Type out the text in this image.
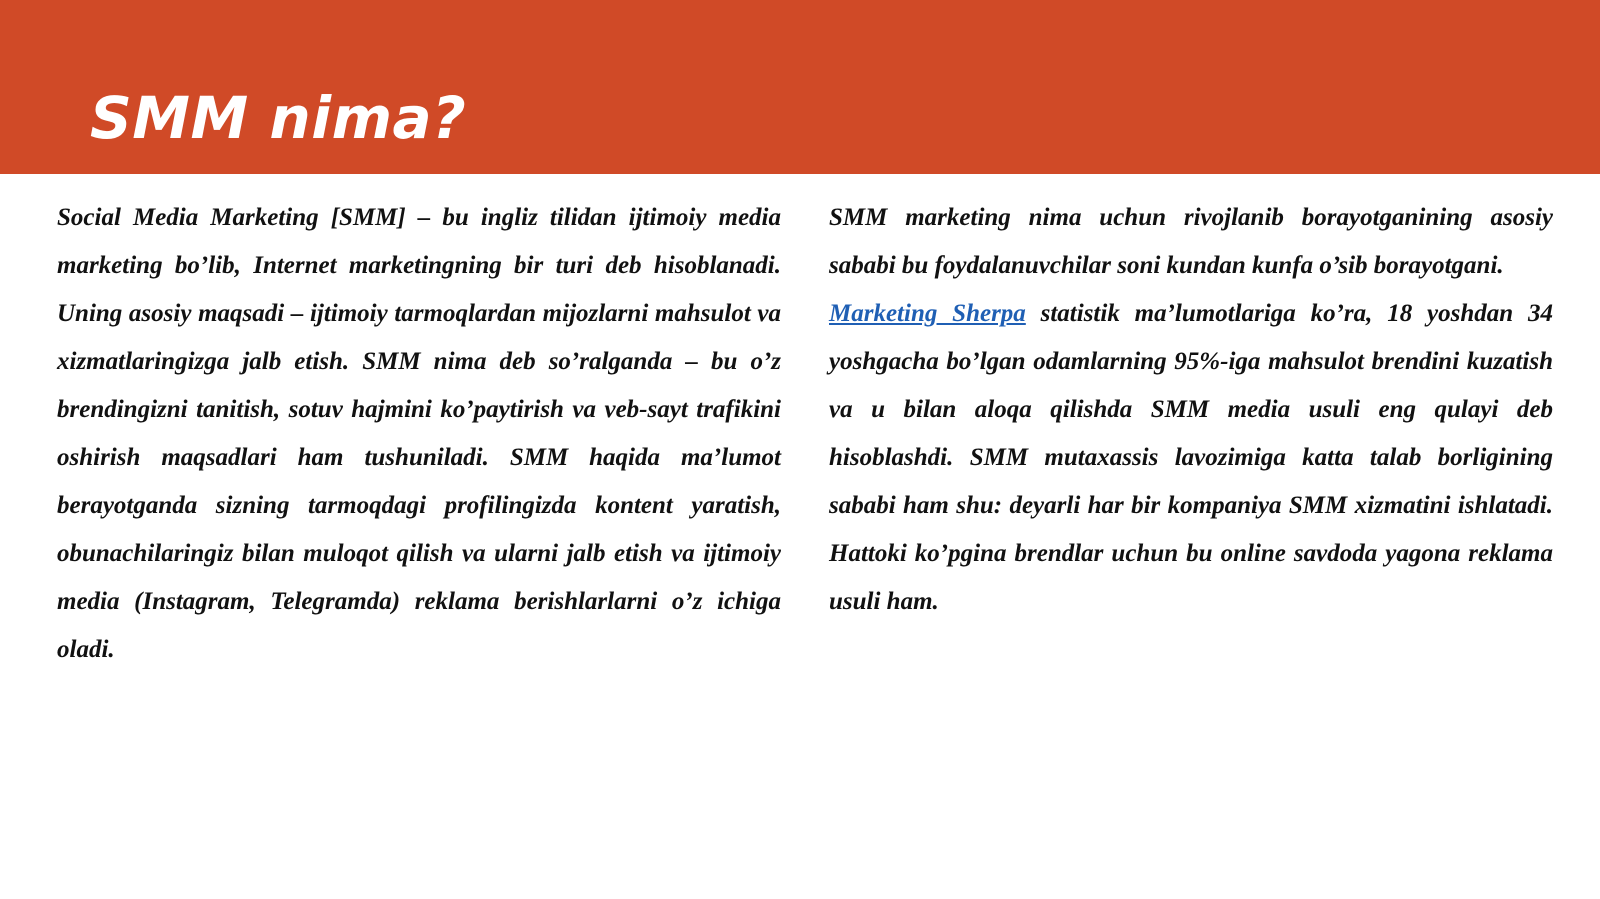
SMM nima?

Social Media Marketing [SMM] – bu ingliz tilidan ijtimoiy media marketing bo’lib, Internet marketingning bir turi deb hisoblanadi. Uning asosiy maqsadi – ijtimoiy tarmoqlardan mijozlarni mahsulot va xizmatlaringizga jalb etish. SMM nima deb so’ralganda – bu o’z brendingizni tanitish, sotuv hajmini ko’paytirish va veb-sayt trafikini oshirish maqsadlari ham tushuniladi. SMM haqida ma’lumot berayotganda sizning tarmoqdagi profilingizda kontent yaratish, obunachilaringiz bilan muloqot qilish va ularni jalb etish va ijtimoiy media (Instagram, Telegramda) reklama berishlarlarni o’z ichiga oladi.

SMM marketing nima uchun rivojlanib borayotganining asosiy sababi bu foydalanuvchilar soni kundan kunfa o’sib borayotgani.

Marketing Sherpa statistik ma’lumotlariga ko’ra, 18 yoshdan 34 yoshgacha bo’lgan odamlarning 95%-iga mahsulot brendini kuzatish va u bilan aloqa qilishda SMM media usuli eng qulayi deb hisoblashdi. SMM mutaxassis lavozimiga katta talab borligining sababi ham shu: deyarli har bir kompaniya SMM xizmatini ishlatadi. Hattoki ko’pgina brendlar uchun bu online savdoda yagona reklama usuli ham.
